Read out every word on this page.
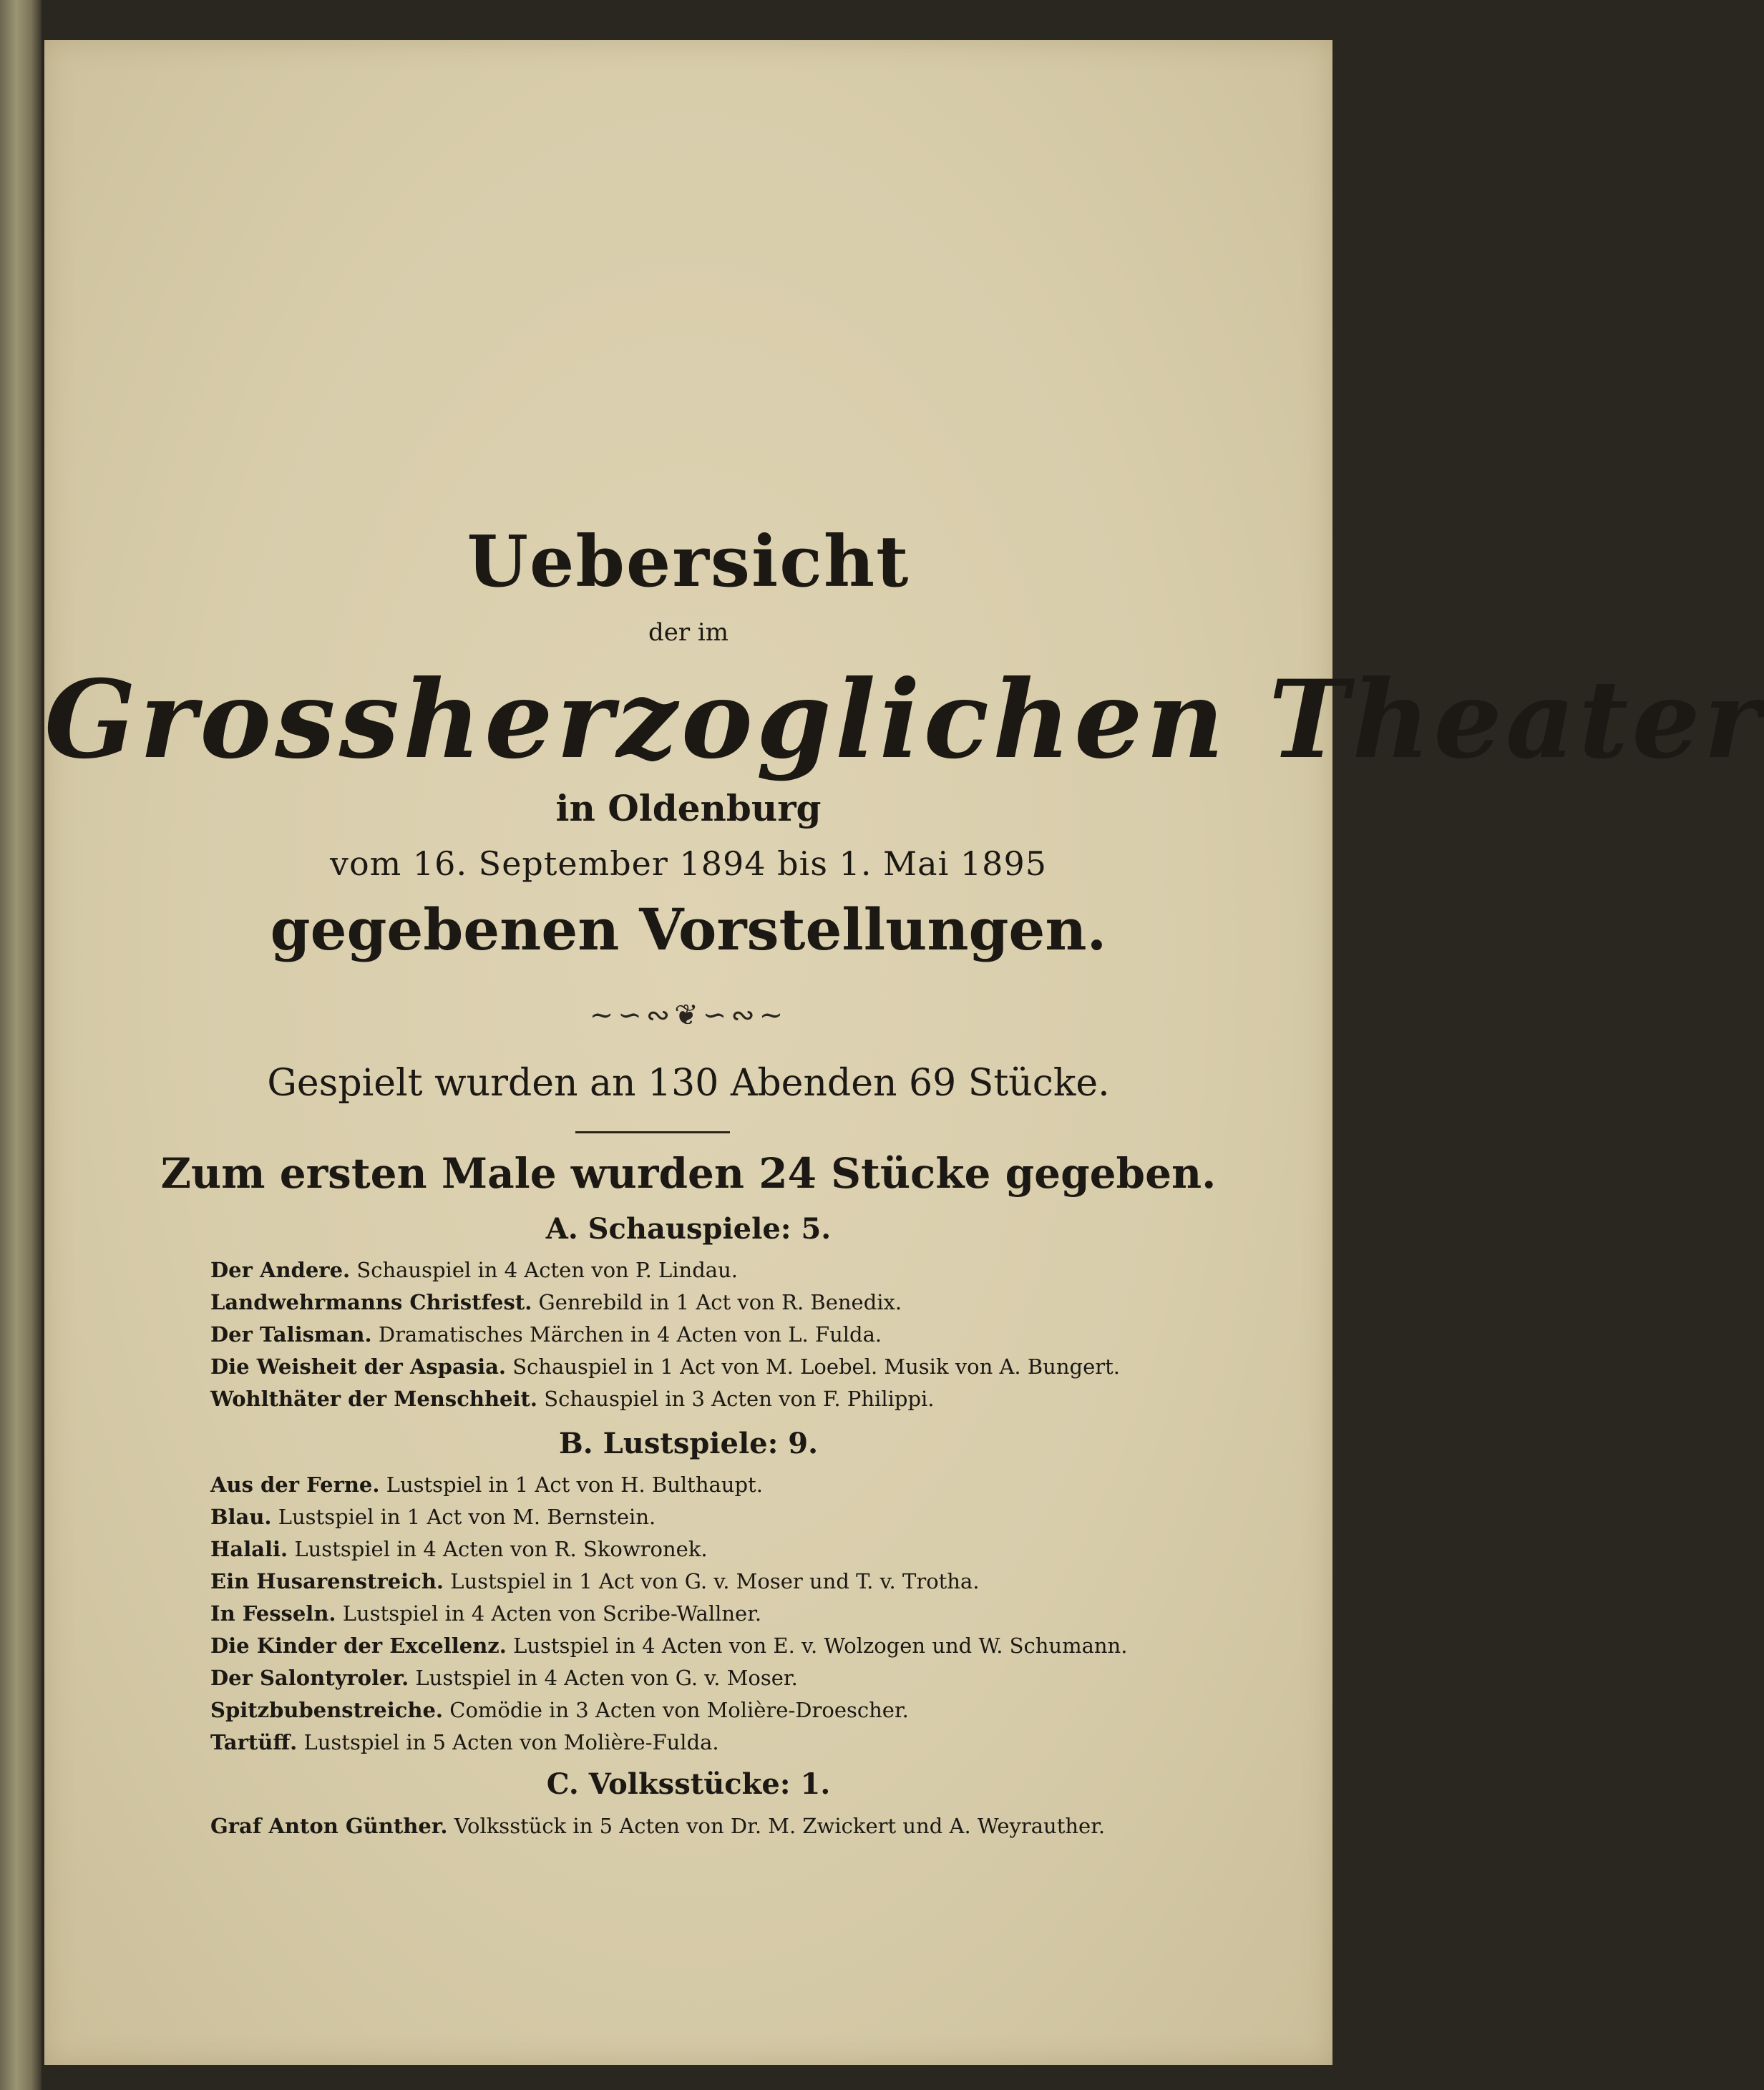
Uebersicht
der im
Grossherzoglichen Theater
in Oldenburg
vom 16. September 1894 bis 1. Mai 1895
gegebenen Vorstellungen.
~∽∾❦∽∾~
Gespielt wurden an 130 Abenden 69 Stücke.
Zum ersten Male wurden 24 Stücke gegeben.
A. Schauspiele: 5.
Der Andere. Schauspiel in 4 Acten von P. Lindau.
Landwehrmanns Christfest. Genrebild in 1 Act von R. Benedix.
Der Talisman. Dramatisches Märchen in 4 Acten von L. Fulda.
Die Weisheit der Aspasia. Schauspiel in 1 Act von M. Loebel. Musik von A. Bungert.
Wohlthäter der Menschheit. Schauspiel in 3 Acten von F. Philippi.
B. Lustspiele: 9.
Aus der Ferne. Lustspiel in 1 Act von H. Bulthaupt.
Blau. Lustspiel in 1 Act von M. Bernstein.
Halali. Lustspiel in 4 Acten von R. Skowronek.
Ein Husarenstreich. Lustspiel in 1 Act von G. v. Moser und T. v. Trotha.
In Fesseln. Lustspiel in 4 Acten von Scribe-Wallner.
Die Kinder der Excellenz. Lustspiel in 4 Acten von E. v. Wolzogen und W. Schumann.
Der Salontyroler. Lustspiel in 4 Acten von G. v. Moser.
Spitzbubenstreiche. Comödie in 3 Acten von Molière-Droescher.
Tartüff. Lustspiel in 5 Acten von Molière-Fulda.
C. Volksstücke: 1.
Graf Anton Günther. Volksstück in 5 Acten von Dr. M. Zwickert und A. Weyrauther.
